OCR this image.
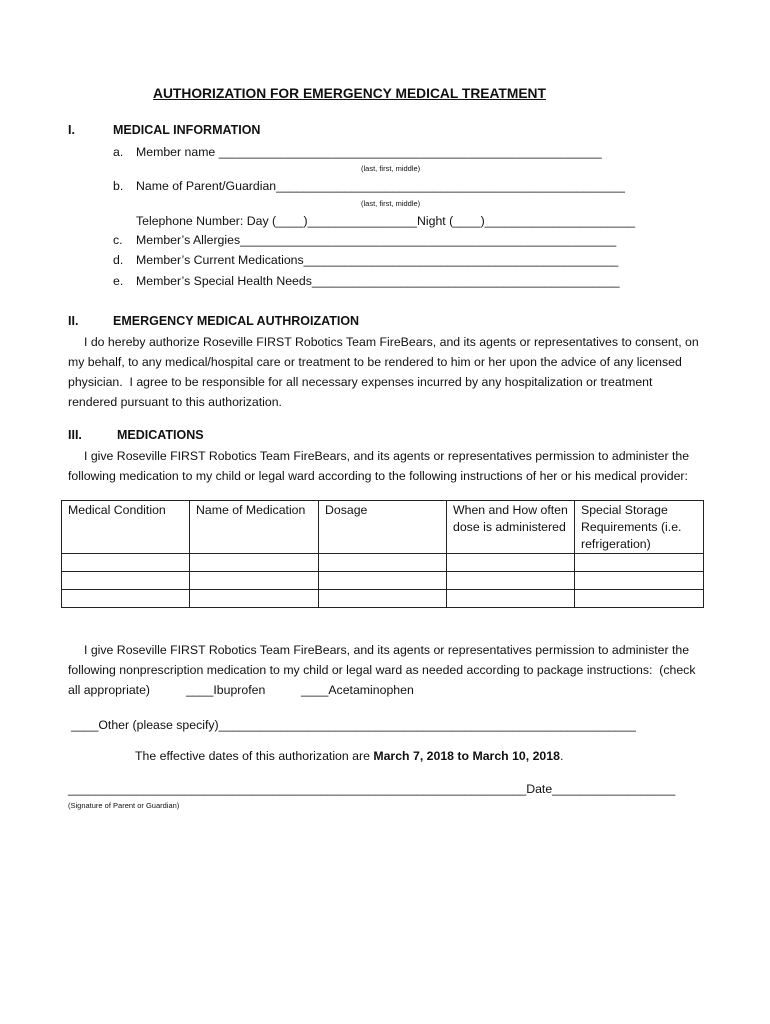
AUTHORIZATION FOR EMERGENCY MEDICAL TREATMENT
I.	MEDICAL INFORMATION
a. Member name ________________________________________________________
(last, first, middle)
b. Name of Parent/Guardian___________________________________________________
(last, first, middle)
Telephone Number: Day (____)________________Night (____)______________________
c. Member’s Allergies_______________________________________________________
d. Member’s Current Medications______________________________________________
e. Member’s Special Health Needs_____________________________________________
II.	EMERGENCY MEDICAL AUTHROIZATION
I do hereby authorize Roseville FIRST Robotics Team FireBears, and its agents or representatives to consent, on
my behalf, to any medical/hospital care or treatment to be rendered to him or her upon the advice of any licensed
physician.  I agree to be responsible for all necessary expenses incurred by any hospitalization or treatment
rendered pursuant to this authorization.
III.	MEDICATIONS
I give Roseville FIRST Robotics Team FireBears, and its agents or representatives permission to administer the
following medication to my child or legal ward according to the following instructions of her or his medical provider:
Medical Condition	Name of Medication	Dosage	When and How often dose is administered	Special Storage Requirements (i.e. refrigeration)

I give Roseville FIRST Robotics Team FireBears, and its agents or representatives permission to administer the
following nonprescription medication to my child or legal ward as needed according to package instructions:  (check
all appropriate)	____Ibuprofen	____Acetaminophen
____Other (please specify)_____________________________________________________________
The effective dates of this authorization are March 7, 2018 to March 10, 2018.
___________________________________________________________________Date__________________
(Signature of Parent or Guardian)
